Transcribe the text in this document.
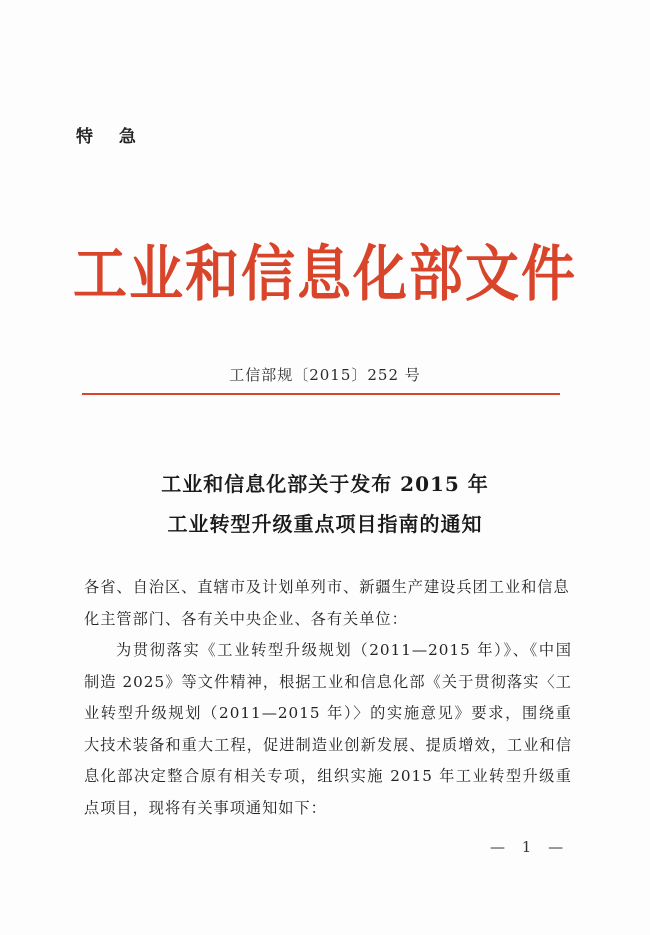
特 急
工业和信息化部文件
工信部规〔2015〕252 号
工业和信息化部关于发布 2015 年
工业转型升级重点项目指南的通知
各省、自治区、直辖市及计划单列市、新疆生产建设兵团工业和信息化主管部门、各有关中央企业、各有关单位：
为贯彻落实《工业转型升级规划（2011—2015 年）》、《中国制造 2025》等文件精神，根据工业和信息化部《关于贯彻落实〈工业转型升级规划（2011—2015 年）〉的实施意见》要求，围绕重大技术装备和重大工程，促进制造业创新发展、提质增效，工业和信息化部决定整合原有相关专项，组织实施 2015 年工业转型升级重点项目，现将有关事项通知如下：
— 1 —
